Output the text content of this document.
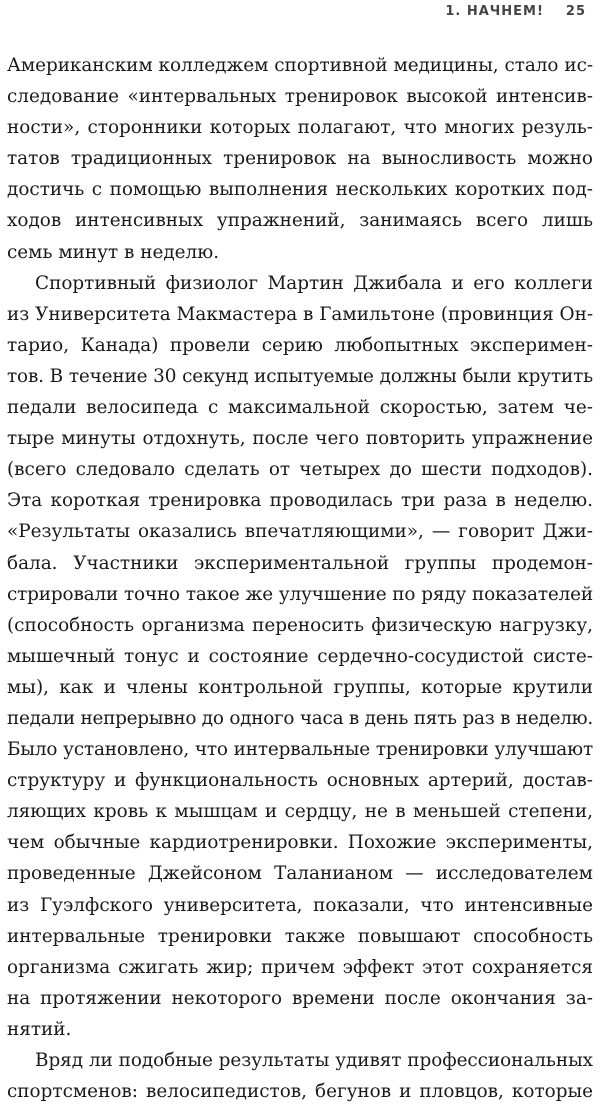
1. НАЧНЕМ! 25

Американским колледжем спортивной медицины, стало ис-
следование «интервальных тренировок высокой интенсив-
ности», сторонники которых полагают, что многих резуль-
татов традиционных тренировок на выносливость можно
достичь с помощью выполнения нескольких коротких под-
ходов интенсивных упражнений, занимаясь всего лишь
семь минут в неделю.

Спортивный физиолог Мартин Джибала и его коллеги
из Университета Макмастера в Гамильтоне (провинция Он-
тарио, Канада) провели серию любопытных эксперимен-
тов. В течение 30 секунд испытуемые должны были крутить
педали велосипеда с максимальной скоростью, затем че-
тыре минуты отдохнуть, после чего повторить упражнение
(всего следовало сделать от четырех до шести подходов).
Эта короткая тренировка проводилась три раза в неделю.
«Результаты оказались впечатляющими», — говорит Джи-
бала. Участники экспериментальной группы продемон-
стрировали точно такое же улучшение по ряду показателей
(способность организма переносить физическую нагрузку,
мышечный тонус и состояние сердечно-сосудистой систе-
мы), как и члены контрольной группы, которые крутили
педали непрерывно до одного часа в день пять раз в неделю.
Было установлено, что интервальные тренировки улучшают
структуру и функциональность основных артерий, достав-
ляющих кровь к мышцам и сердцу, не в меньшей степени,
чем обычные кардиотренировки. Похожие эксперименты,
проведенные Джейсоном Таланианом — исследователем
из Гуэлфского университета, показали, что интенсивные
интервальные тренировки также повышают способность
организма сжигать жир; причем эффект этот сохраняется
на протяжении некоторого времени после окончания за-
нятий.

Вряд ли подобные результаты удивят профессиональных
спортсменов: велосипедистов, бегунов и пловцов, которые
